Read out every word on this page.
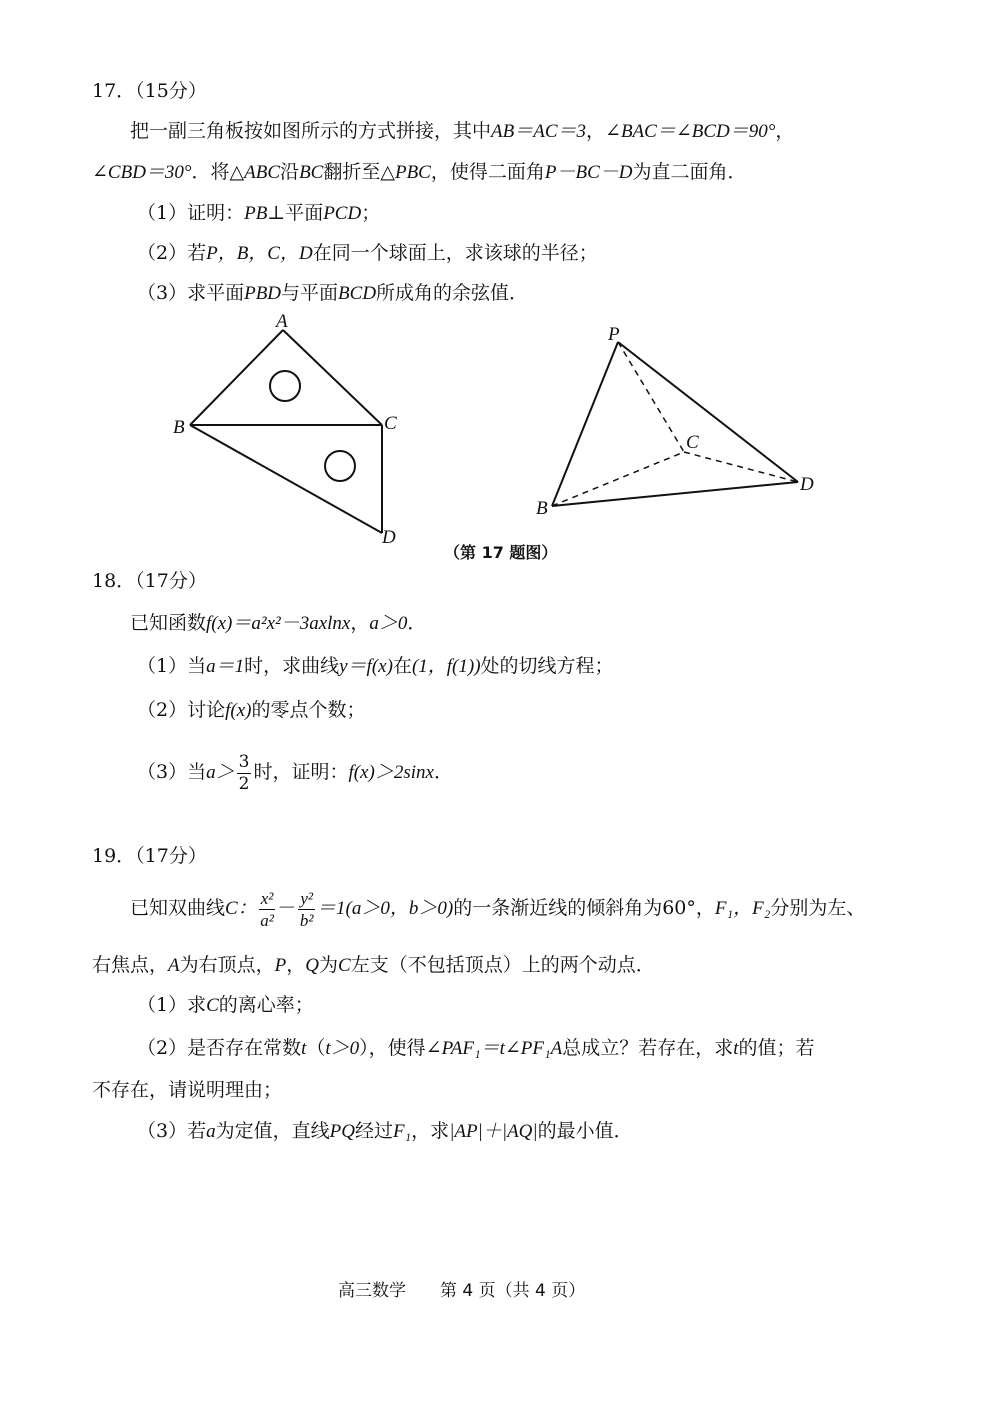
17．（15分）
把一副三角板按如图所示的方式拼接，其中AB＝AC＝3，∠BAC＝∠BCD＝90°，
∠CBD＝30°．将△ABC沿BC翻折至△PBC，使得二面角P－BC－D为直二面角．
（1）证明：PB⊥平面PCD；
（2）若P，B，C，D在同一个球面上，求该球的半径；
（3）求平面PBD与平面BCD所成角的余弦值．
A
B	C
D
P
B
C
D
（第 17 题图）
18．（17分）
已知函数f(x)＝a²x²－3axlnx，a＞0．
（1）当a＝1时，求曲线y＝f(x)在(1，f(1))处的切线方程；
（2）讨论f(x)的零点个数；
（3）当$a> \frac{3}{2}$ 时，证明：f(x)＞2sinx．
19．（17分）
已知双曲线C： $\frac{\text{x²}}{\text{a²}} - \frac{\text{y²}}{\text{b²}} =1(a>0$，b＞0)的一条渐近线的倾斜角为60°，F₁，F₂分别为左、
右焦点，A为右顶点，P，Q为C左支（不包括顶点）上的两个动点．
（1）求C的离心率；
（2）是否存在常数t（t＞0），使得∠PAF₁＝t∠PF₁A总成立？若存在，求t的值；若
不存在，请说明理由；
（3）若a为定值，直线PQ经过F₁，求|AP|＋|AQ|的最小值．
高三数学　　第 4 页（共 4 页）
